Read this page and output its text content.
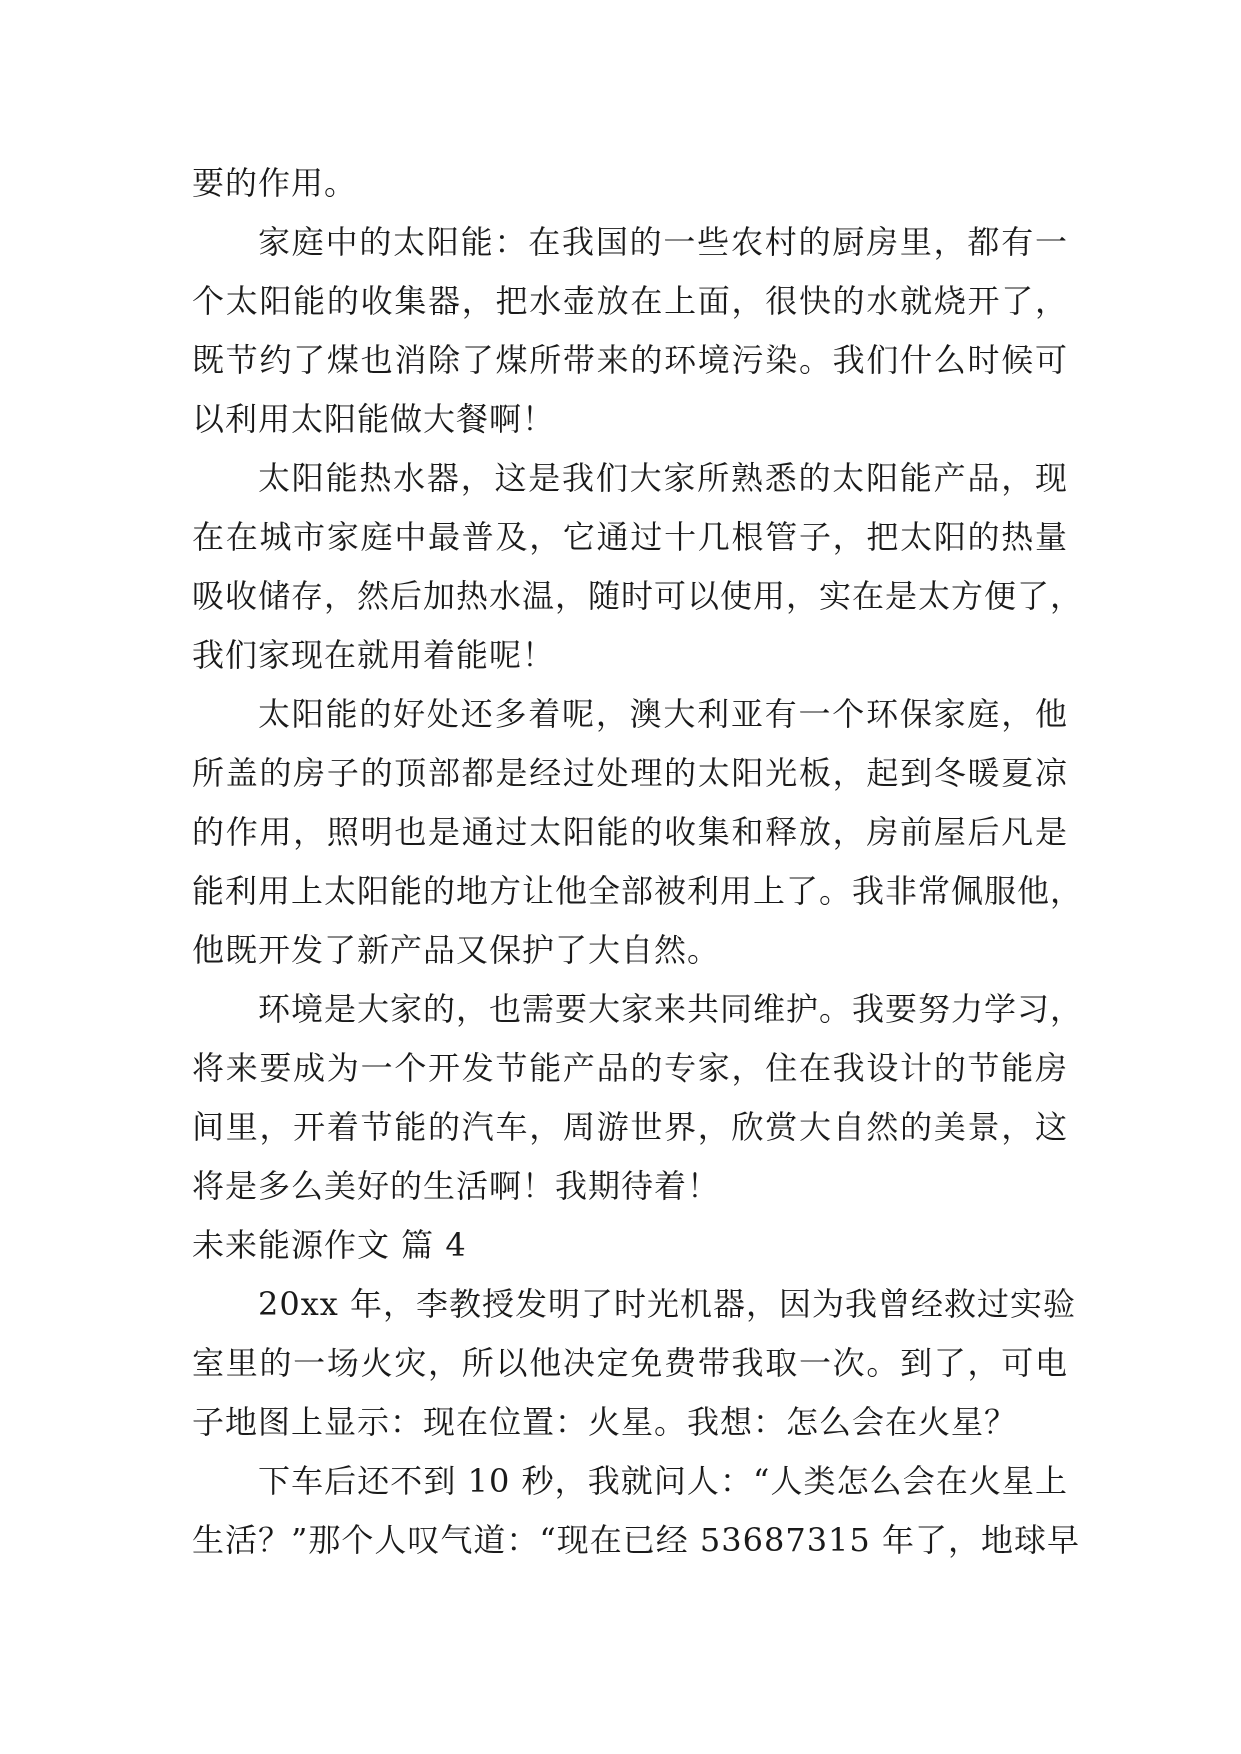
要的作用。
家庭中的太阳能：在我国的一些农村的厨房里，都有一
个太阳能的收集器，把水壶放在上面，很快的水就烧开了，
既节约了煤也消除了煤所带来的环境污染。我们什么时候可
以利用太阳能做大餐啊！
太阳能热水器，这是我们大家所熟悉的太阳能产品，现
在在城市家庭中最普及，它通过十几根管子，把太阳的热量
吸收储存，然后加热水温，随时可以使用，实在是太方便了，
我们家现在就用着能呢！
太阳能的好处还多着呢，澳大利亚有一个环保家庭，他
所盖的房子的顶部都是经过处理的太阳光板，起到冬暖夏凉
的作用，照明也是通过太阳能的收集和释放，房前屋后凡是
能利用上太阳能的地方让他全部被利用上了。我非常佩服他，
他既开发了新产品又保护了大自然。
环境是大家的，也需要大家来共同维护。我要努力学习，
将来要成为一个开发节能产品的专家，住在我设计的节能房
间里，开着节能的汽车，周游世界，欣赏大自然的美景，这
将是多么美好的生活啊！我期待着！
未来能源作文 篇 4
20xx 年，李教授发明了时光机器，因为我曾经救过实验
室里的一场火灾，所以他决定免费带我取一次。到了，可电
子地图上显示：现在位置：火星。我想：怎么会在火星？
下车后还不到 10 秒，我就问人：“人类怎么会在火星上
生活？”那个人叹气道：“现在已经 53687315 年了，地球早
